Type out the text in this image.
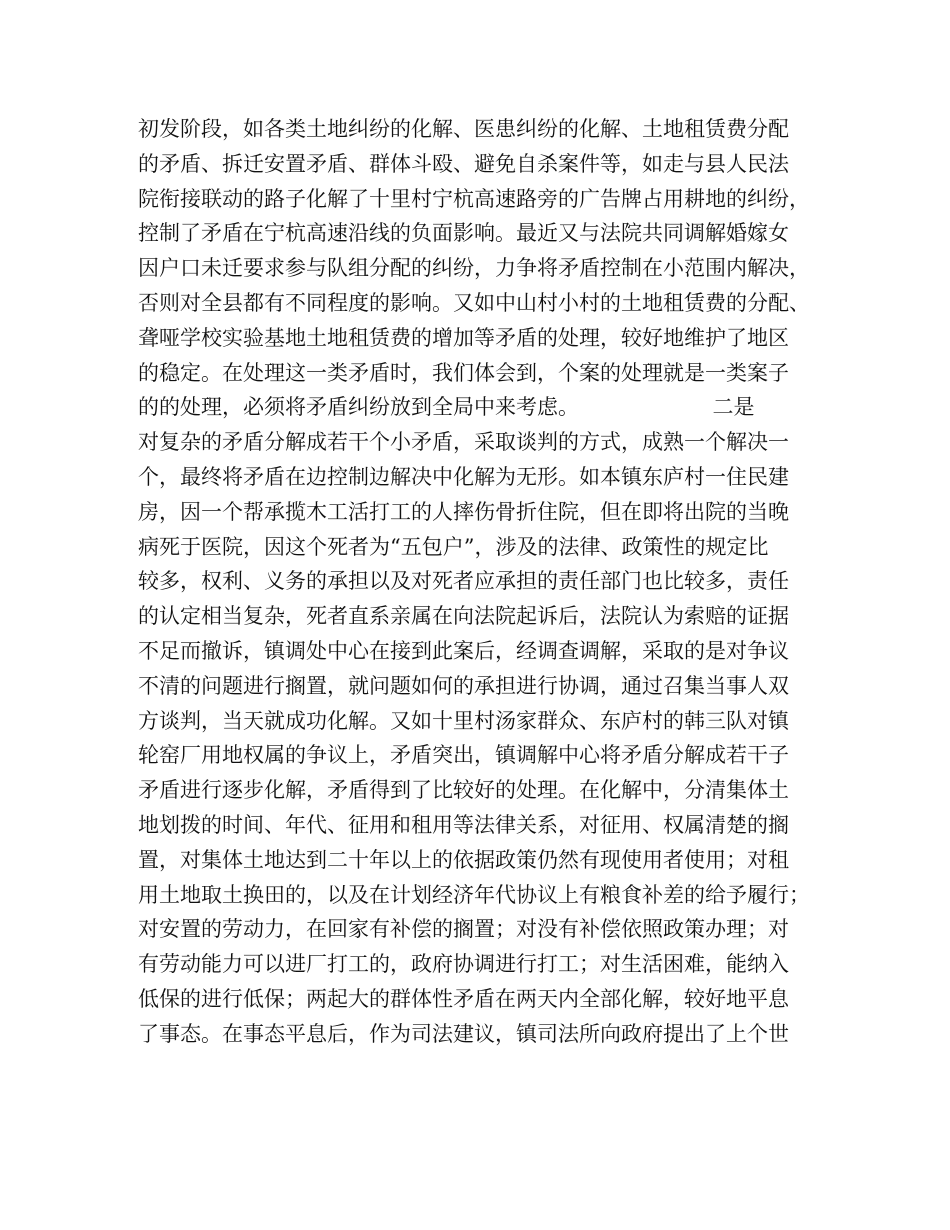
初发阶段，如各类土地纠纷的化解、医患纠纷的化解、土地租赁费分配
的矛盾、拆迁安置矛盾、群体斗殴、避免自杀案件等，如走与县人民法
院衔接联动的路子化解了十里村宁杭高速路旁的广告牌占用耕地的纠纷，
控制了矛盾在宁杭高速沿线的负面影响。最近又与法院共同调解婚嫁女
因户口未迁要求参与队组分配的纠纷，力争将矛盾控制在小范围内解决，
否则对全县都有不同程度的影响。又如中山村小村的土地租赁费的分配、
聋哑学校实验基地土地租赁费的增加等矛盾的处理，较好地维护了地区
的稳定。在处理这一类矛盾时，我们体会到，个案的处理就是一类案子
的的处理，必须将矛盾纠纷放到全局中来考虑。                    二是
对复杂的矛盾分解成若干个小矛盾，采取谈判的方式，成熟一个解决一
个，最终将矛盾在边控制边解决中化解为无形。如本镇东庐村一住民建
房，因一个帮承揽木工活打工的人摔伤骨折住院，但在即将出院的当晚
病死于医院，因这个死者为“五包户”，涉及的法律、政策性的规定比
较多，权利、义务的承担以及对死者应承担的责任部门也比较多，责任
的认定相当复杂，死者直系亲属在向法院起诉后，法院认为索赔的证据
不足而撤诉，镇调处中心在接到此案后，经调查调解，采取的是对争议
不清的问题进行搁置，就问题如何的承担进行协调，通过召集当事人双
方谈判，当天就成功化解。又如十里村汤家群众、东庐村的韩三队对镇
轮窑厂用地权属的争议上，矛盾突出，镇调解中心将矛盾分解成若干子
矛盾进行逐步化解，矛盾得到了比较好的处理。在化解中，分清集体土
地划拨的时间、年代、征用和租用等法律关系，对征用、权属清楚的搁
置，对集体土地达到二十年以上的依据政策仍然有现使用者使用；对租
用土地取土换田的，以及在计划经济年代协议上有粮食补差的给予履行；
对安置的劳动力，在回家有补偿的搁置；对没有补偿依照政策办理；对
有劳动能力可以进厂打工的，政府协调进行打工；对生活困难，能纳入
低保的进行低保；两起大的群体性矛盾在两天内全部化解，较好地平息
了事态。在事态平息后，作为司法建议，镇司法所向政府提出了上个世
